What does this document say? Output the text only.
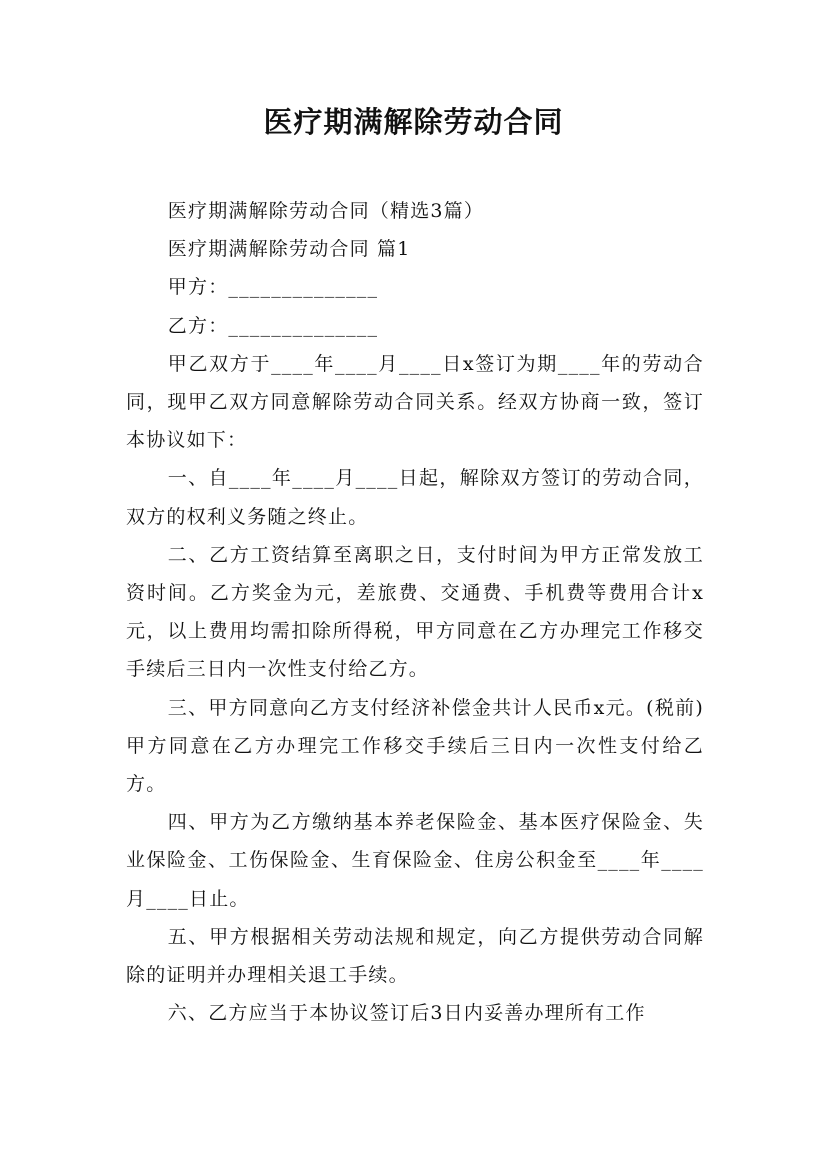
医疗期满解除劳动合同

医疗期满解除劳动合同（精选3篇）

医疗期满解除劳动合同 篇1

甲方：______________

乙方：______________

甲乙双方于____年____月____日x签订为期____年的劳动合同，现甲乙双方同意解除劳动合同关系。经双方协商一致，签订本协议如下：

一、自____年____月____日起，解除双方签订的劳动合同，双方的权利义务随之终止。

二、乙方工资结算至离职之日，支付时间为甲方正常发放工资时间。乙方奖金为元，差旅费、交通费、手机费等费用合计x元，以上费用均需扣除所得税，甲方同意在乙方办理完工作移交手续后三日内一次性支付给乙方。

三、甲方同意向乙方支付经济补偿金共计人民币x元。(税前)甲方同意在乙方办理完工作移交手续后三日内一次性支付给乙方。

四、甲方为乙方缴纳基本养老保险金、基本医疗保险金、失业保险金、工伤保险金、生育保险金、住房公积金至____年____月____日止。

五、甲方根据相关劳动法规和规定，向乙方提供劳动合同解除的证明并办理相关退工手续。

六、乙方应当于本协议签订后3日内妥善办理所有工作
